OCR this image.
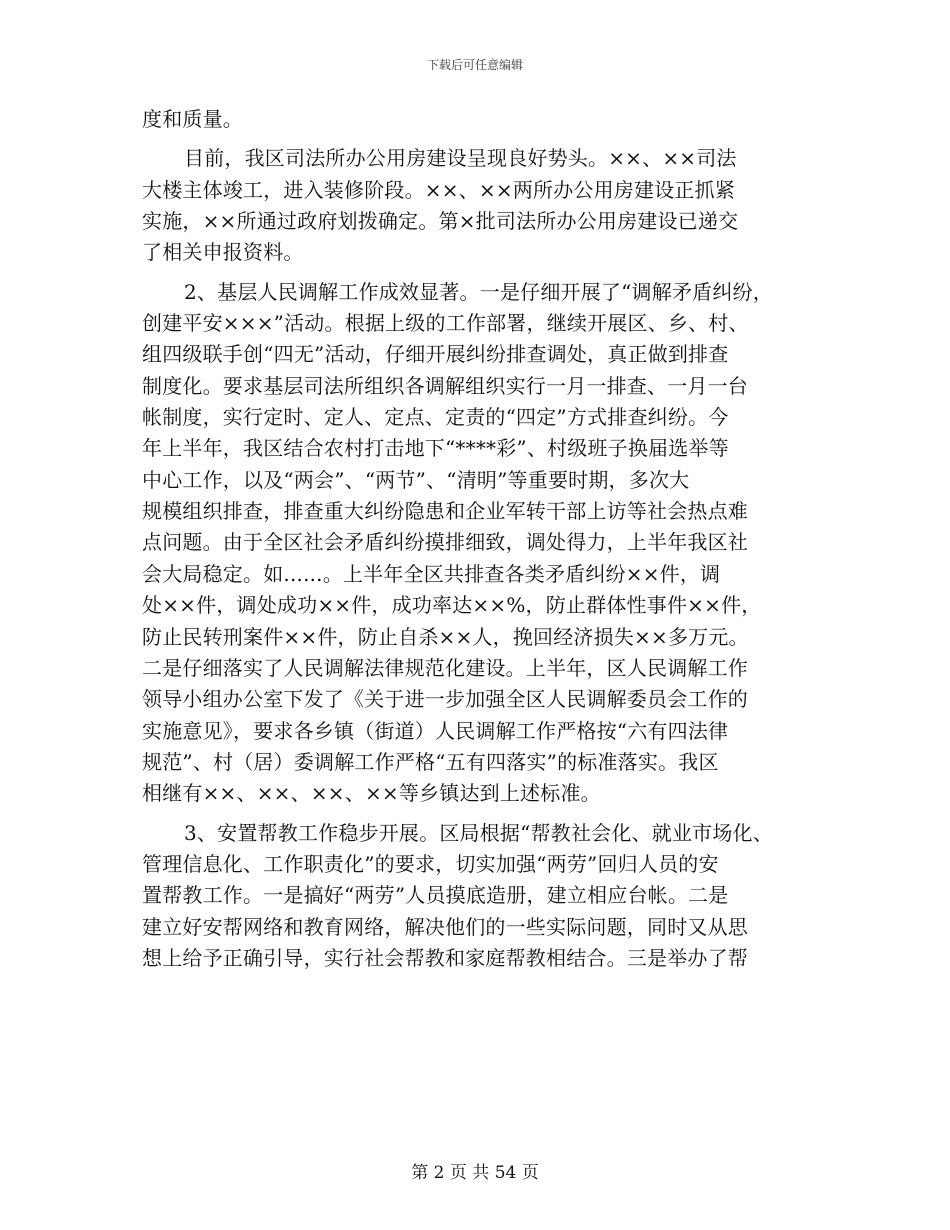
下载后可任意编辑
度和质量。
目前，我区司法所办公用房建设呈现良好势头。××、××司法
大楼主体竣工，进入装修阶段。××、××两所办公用房建设正抓紧
实施，××所通过政府划拨确定。第×批司法所办公用房建设已递交
了相关申报资料。
2、基层人民调解工作成效显著。一是仔细开展了“调解矛盾纠纷，
创建平安×××”活动。根据上级的工作部署，继续开展区、乡、村、
组四级联手创“四无”活动，仔细开展纠纷排查调处，真正做到排查
制度化。要求基层司法所组织各调解组织实行一月一排查、一月一台
帐制度，实行定时、定人、定点、定责的“四定”方式排查纠纷。今
年上半年，我区结合农村打击地下“****彩”、村级班子换届选举等
中心工作，以及“两会”、“两节”、“清明”等重要时期，多次大
规模组织排查，排查重大纠纷隐患和企业军转干部上访等社会热点难
点问题。由于全区社会矛盾纠纷摸排细致，调处得力，上半年我区社
会大局稳定。如......。上半年全区共排查各类矛盾纠纷××件，调
处××件，调处成功××件，成功率达××%，防止群体性事件××件，
防止民转刑案件××件，防止自杀××人，挽回经济损失××多万元。
二是仔细落实了人民调解法律规范化建设。上半年，区人民调解工作
领导小组办公室下发了《关于进一步加强全区人民调解委员会工作的
实施意见》，要求各乡镇（街道）人民调解工作严格按“六有四法律
规范”、村（居）委调解工作严格“五有四落实”的标准落实。我区
相继有××、××、××、××等乡镇达到上述标准。
3、安置帮教工作稳步开展。区局根据“帮教社会化、就业市场化、
管理信息化、工作职责化”的要求，切实加强“两劳”回归人员的安
置帮教工作。一是搞好“两劳”人员摸底造册，建立相应台帐。二是
建立好安帮网络和教育网络，解决他们的一些实际问题，同时又从思
想上给予正确引导，实行社会帮教和家庭帮教相结合。三是举办了帮
第 2 页 共 54 页
